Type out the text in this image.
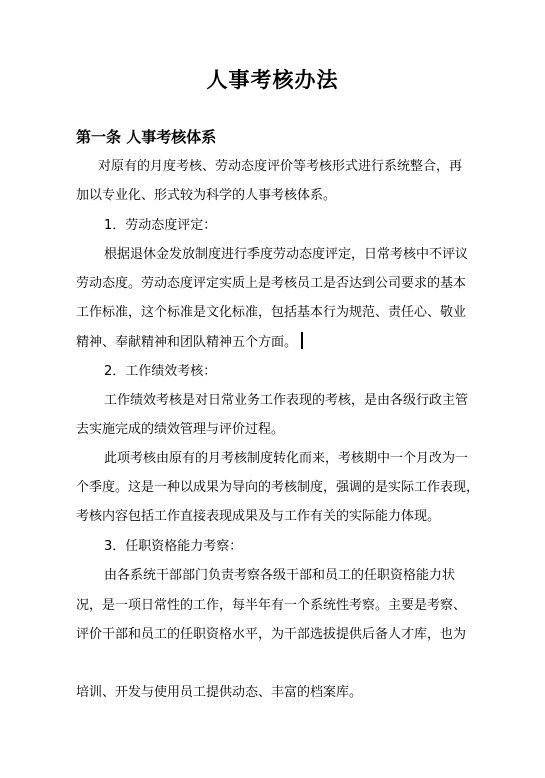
人事考核办法
第一条 人事考核体系
对原有的月度考核、劳动态度评价等考核形式进行系统整合，再
加以专业化、形式较为科学的人事考核体系。
1．劳动态度评定：
根据退休金发放制度进行季度劳动态度评定，日常考核中不评议
劳动态度。劳动态度评定实质上是考核员工是否达到公司要求的基本
工作标准，这个标准是文化标准，包括基本行为规范、责任心、敬业
精神、奉献精神和团队精神五个方面。
2．工作绩效考核：
工作绩效考核是对日常业务工作表现的考核，是由各级行政主管
去实施完成的绩效管理与评价过程。
此项考核由原有的月考核制度转化而来，考核期中一个月改为一
个季度。这是一种以成果为导向的考核制度，强调的是实际工作表现，
考核内容包括工作直接表现成果及与工作有关的实际能力体现。
3．任职资格能力考察：
由各系统干部部门负责考察各级干部和员工的任职资格能力状
况，是一项日常性的工作，每半年有一个系统性考察。主要是考察、
评价干部和员工的任职资格水平，为干部选拔提供后备人才库，也为
培训、开发与使用员工提供动态、丰富的档案库。
